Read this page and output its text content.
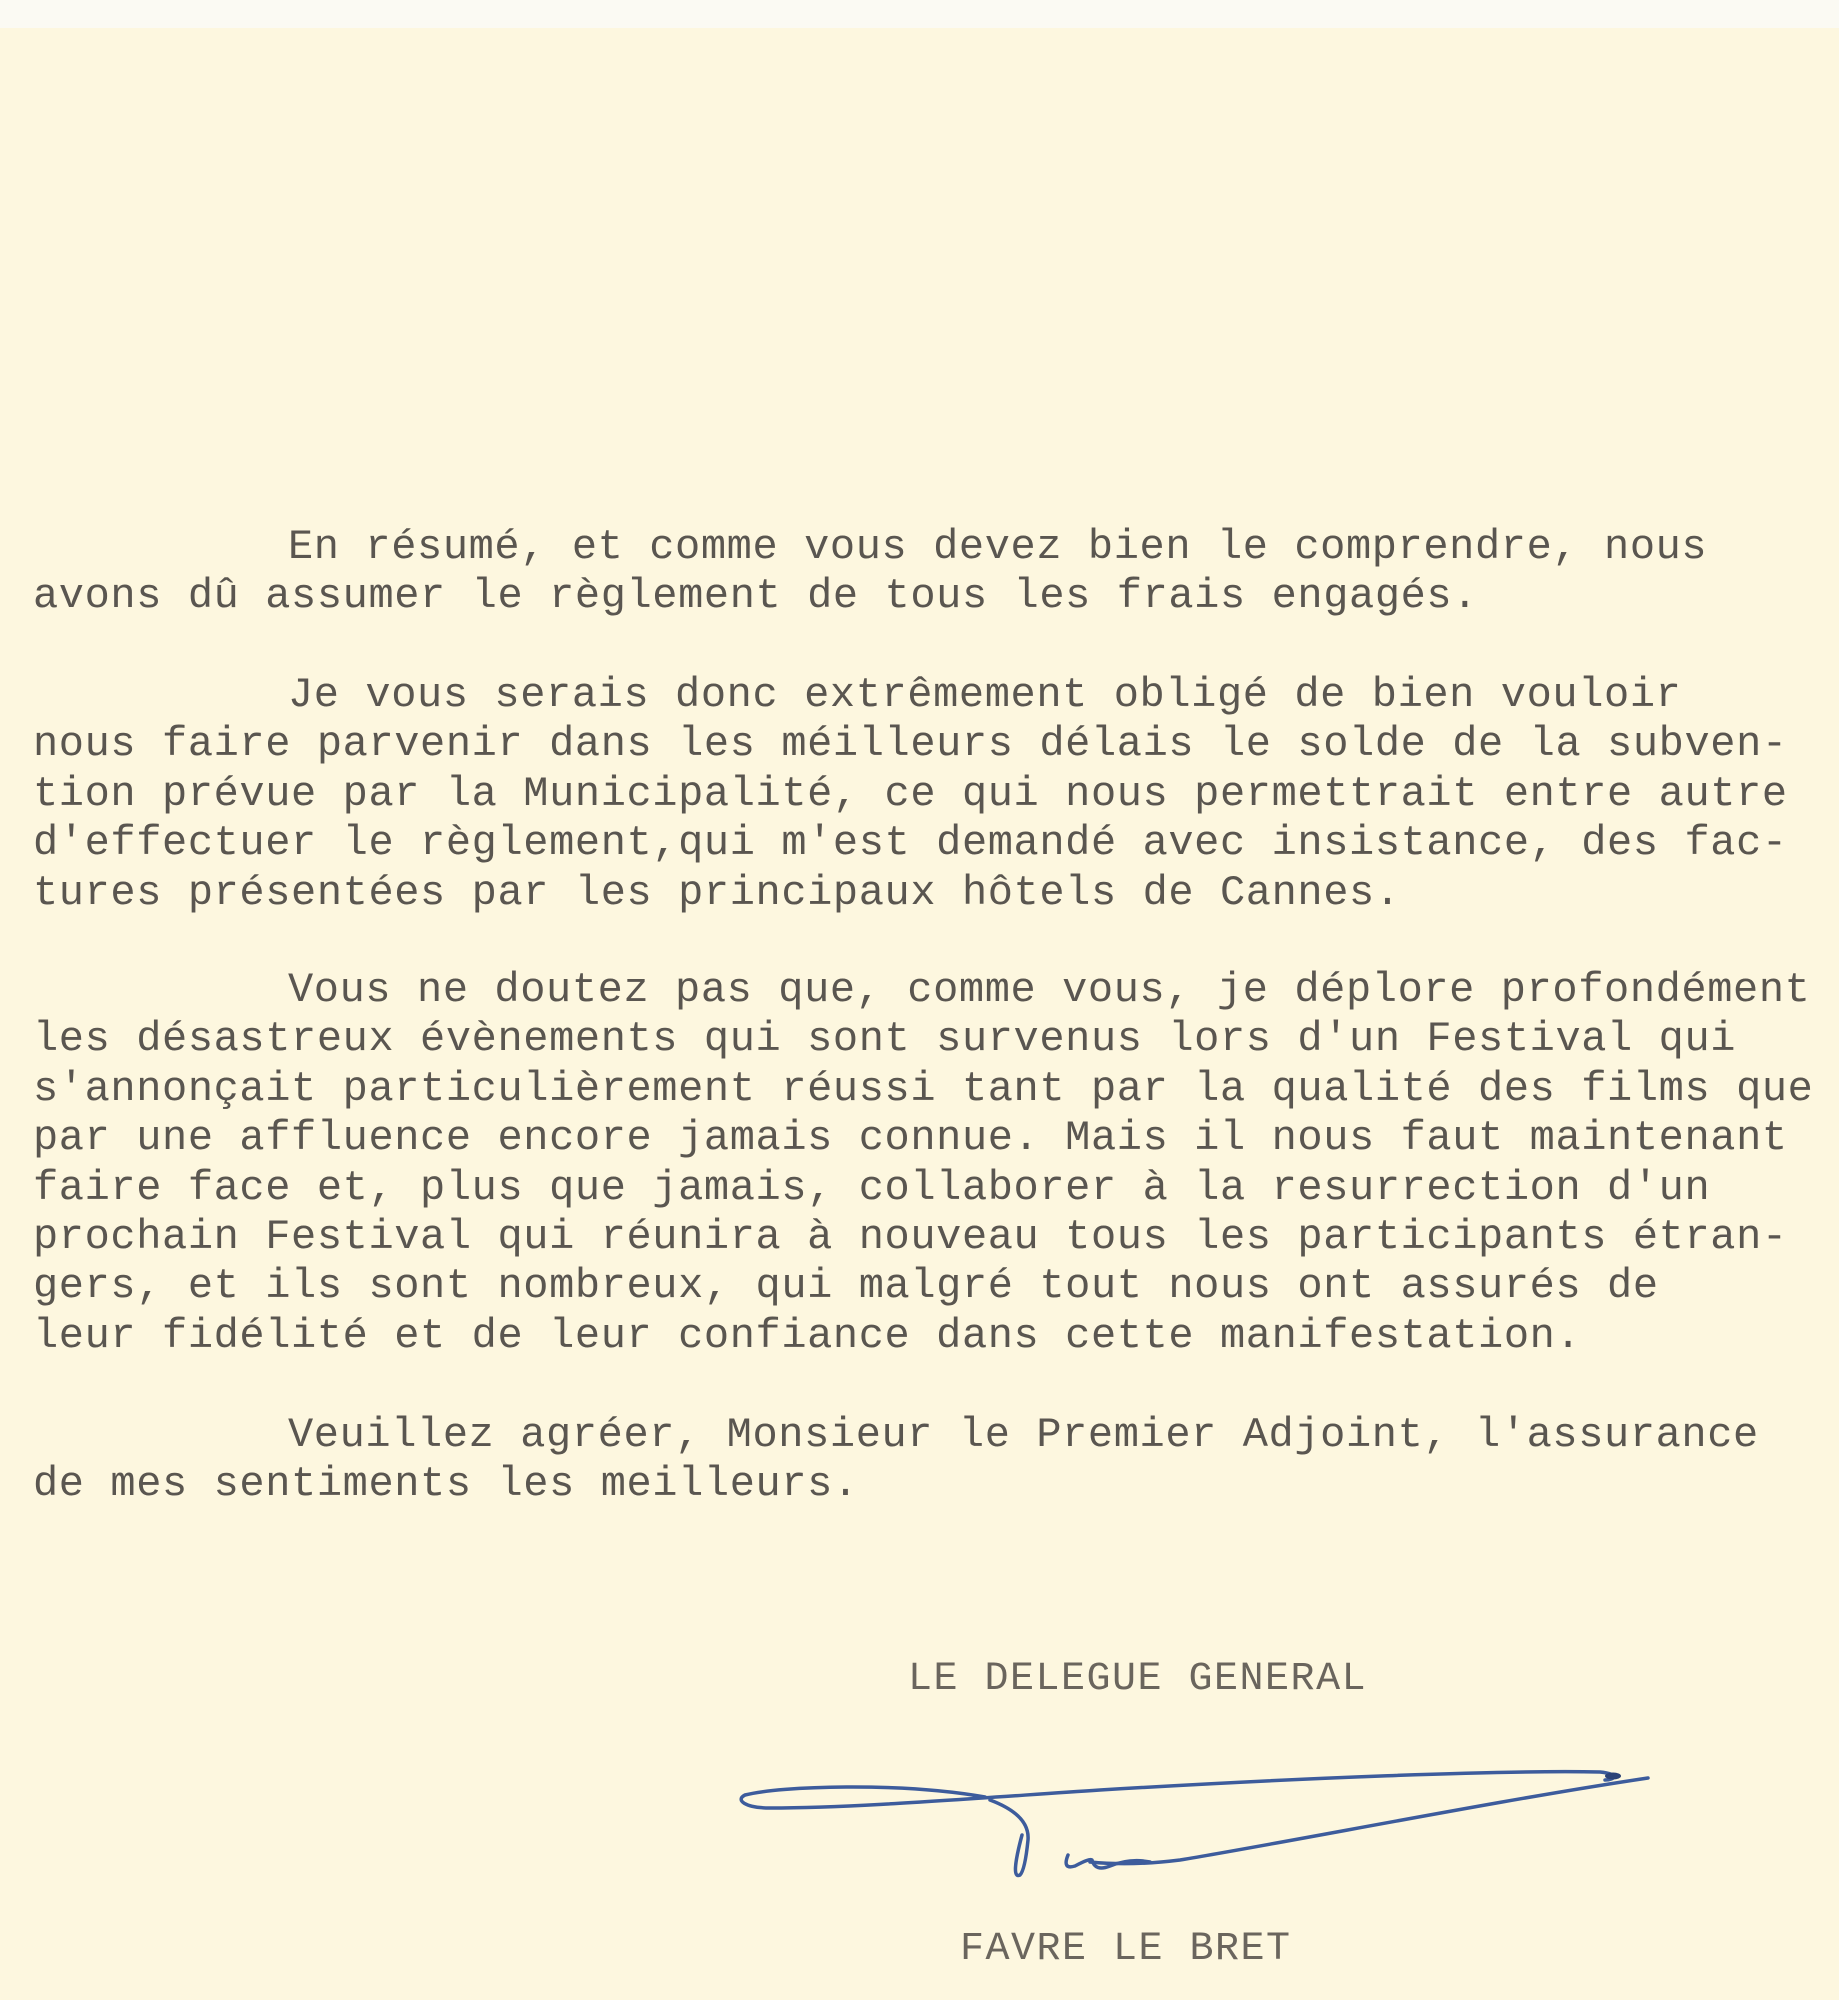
En résumé, et comme vous devez bien le comprendre, nous
avons dû assumer le règlement de tous les frais engagés.
Je vous serais donc extrêmement obligé de bien vouloir
nous faire parvenir dans les méilleurs délais le solde de la subven-
tion prévue par la Municipalité, ce qui nous permettrait entre autre
d'effectuer le règlement,qui m'est demandé avec insistance, des fac-
tures présentées par les principaux hôtels de Cannes.
Vous ne doutez pas que, comme vous, je déplore profondément
les désastreux évènements qui sont survenus lors d'un Festival qui
s'annonçait particulièrement réussi tant par la qualité des films que
par une affluence encore jamais connue. Mais il nous faut maintenant
faire face et, plus que jamais, collaborer à la resurrection d'un
prochain Festival qui réunira à nouveau tous les participants étran-
gers, et ils sont nombreux, qui malgré tout nous ont assurés de
leur fidélité et de leur confiance dans cette manifestation.
Veuillez agréer, Monsieur le Premier Adjoint, l'assurance
de mes sentiments les meilleurs.
LE DELEGUE GENERAL
FAVRE LE BRET
